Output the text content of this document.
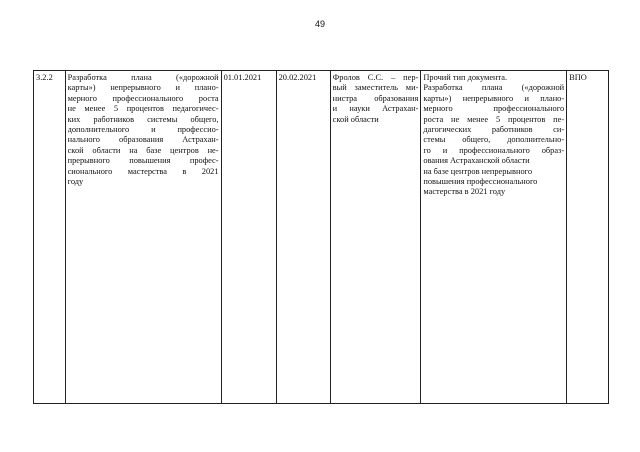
49
3.2.2	Разработка плана («дорожной
карты») непрерывного и плано-
мерного профессионального роста
не менее 5 процентов педагогичес-
ких работников системы общего,
дополнительного и профессио-
нального образования Астрахан-
ской области на базе центров не-
прерывного повышения профес-
сионального мастерства в 2021
году

01.01.2021	20.02.2021	Фролов С.С. – пер-
вый заместитель ми-
нистра образования
и науки Астрахан-
ской области

Прочий тип документа.
Разработка плана («дорожной
карты») непрерывного и плано-
мерного профессионального
роста не менее 5 процентов пе-
дагогических работников си-
стемы общего, дополнительно-
го и профессионального образ-
ования Астраханской области
на базе центров непрерывного
повышения профессионального
мастерства в 2021 году

ВПО
